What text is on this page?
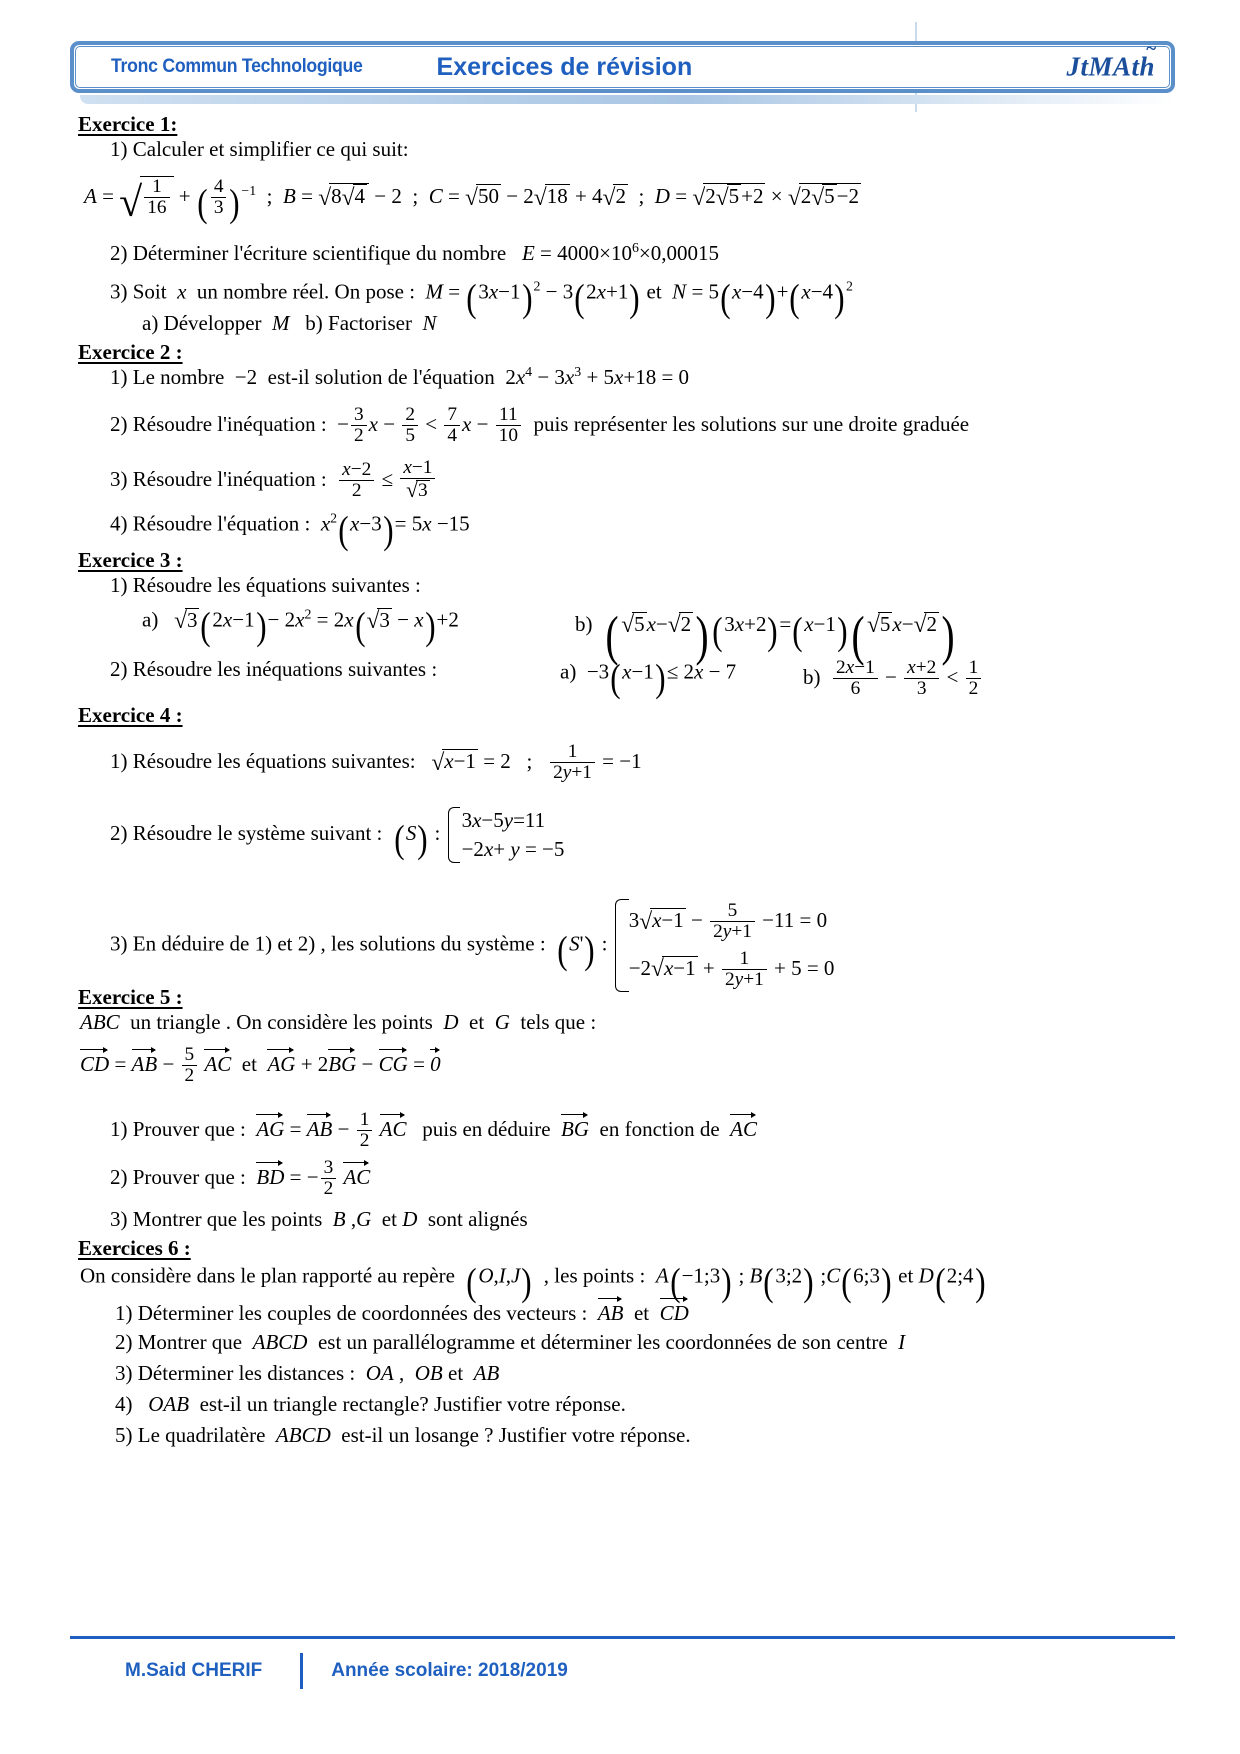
Tronc Commun Technologique	Exercices de révision	JtMAth ~
Exercice 1:
1) Calculer et simplifier ce qui suit:
A = √ $\frac{1}{16}$ + ( $\frac{4}{3} )^{-1}$  ;  B = √8√4 − 2  ;  C = √50 − 2√18 + 4√2  ;  D = √2√5+2 × √2√5−2
2) Déterminer l'écriture scientifique du nombre $E = 4000\times 10^6\times 0,00015$
3) Soit  x  un nombre réel. On pose :  $M = (3x-1)^2 - 3(2x+1)$ et  $N = 5(x-4)+(x-4)^2$
a) Développer  M   b) Factoriser  N
Exercice 2 :
1) Le nombre  −2  est-il solution de l'équation  $2x^4 - 3x^3 + 5x+18 = 0$
2) Résoudre l'inéquation :  − $\frac{3}{2}$ $x - \frac{2}{5} < \frac{7}{4}$ $x - \frac{11}{10}$ puis représenter les solutions sur une droite graduée
3) Résoudre l'inéquation : $\frac{x-2}{2} \le \frac{x-1}{√3}$
4) Résoudre l'équation : $x^2(x-3)= 5x -15$
Exercice 3 :
1) Résoudre les équations suivantes :
a) $√3(2x-1)- 2x^2 = 2x(√3 - x)+2$	b) ( √5x−√2)(3x+2)=(x−1)( √5x−√2)
2) Résoudre les inéquations suivantes :	a)  −3(x−1)≤ 2x − 7	$b) \frac{2x-1}{6} - \frac{x+2}{3} < \frac{1}{2}$
Exercice 4 :
1) Résoudre les équations suivantes: √x−1 = 2   ; $\frac{1}{2y+1} = -1$
2) Résoudre le système suivant : (S) :
3x−5y=11
−2x+ y = −5
3) En déduire de 1) et 2) , les solutions du système : (S') :
$3√x-1 - \frac{5}{2y+1} -11 = 0$
$-2√x-1 + \frac{1}{2y+1} + 5 = 0$
Exercice 5 :
ABC un triangle . On considère les points  D  et  G  tels que :
CD = AB − $\frac{5}{2}$ AC et AG + 2BG − CG = 0
1) Prouver que : AG = AB − $\frac{1}{2}$ AC puis en déduire BG en fonction de AC
2) Prouver que : BD = − $\frac{3}{2}$ AC
3) Montrer que les points  B ,G  et D  sont alignés
Exercices 6 :
On considère dans le plan rapporté au repère (O,I,J) , les points : A(−1;3) ; B(3;2) ;C(6;3) et D(2;4)
1) Déterminer les couples de coordonnées des vecteurs : AB et CD
2) Montrer que  ABCD  est un parallélogramme et déterminer les coordonnées de son centre  I
3) Déterminer les distances :  OA ,  OB et  AB
4)   OAB  est-il un triangle rectangle? Justifier votre réponse.
5) Le quadrilatère  ABCD  est-il un losange ? Justifier votre réponse.
M.Said CHERIF	Année scolaire: 2018/2019
